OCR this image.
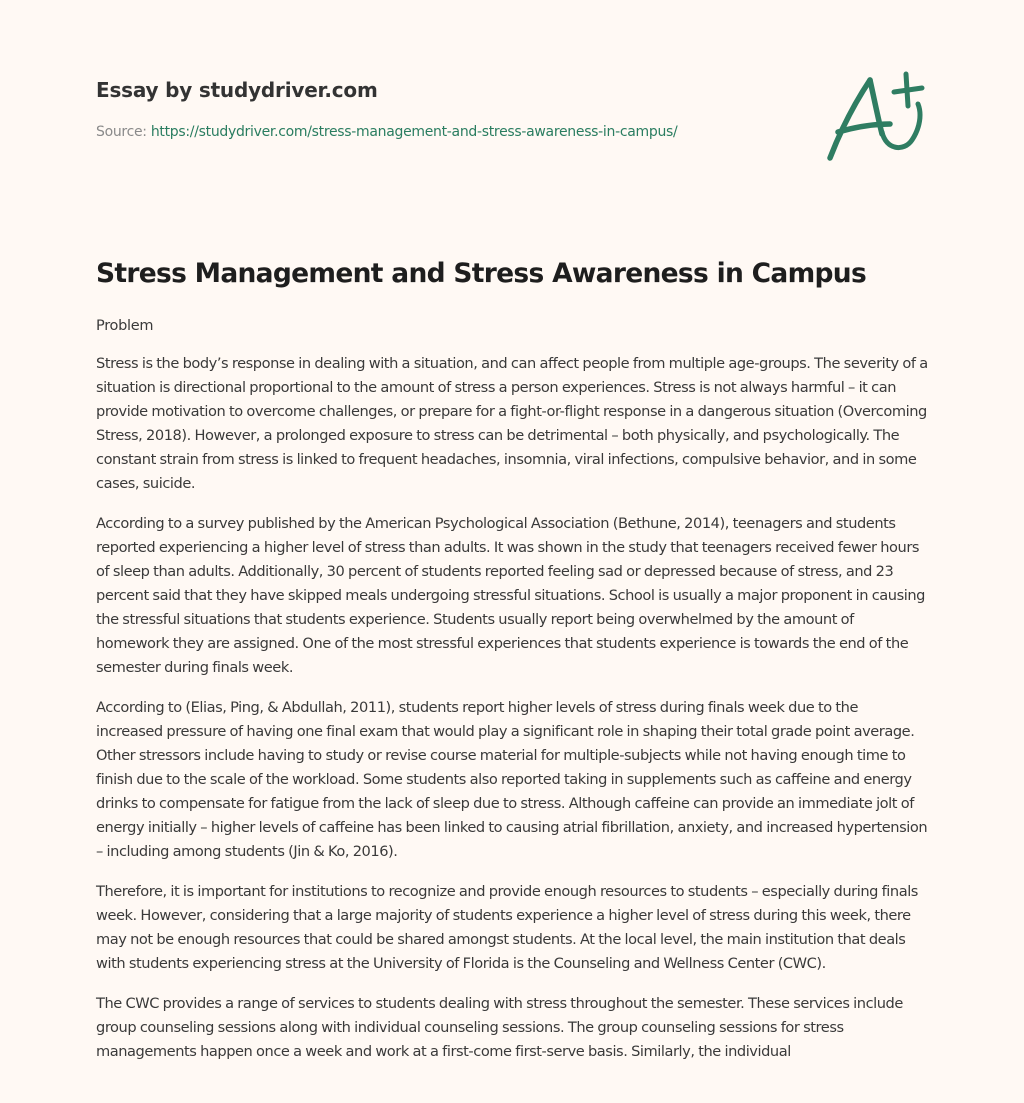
Essay by studydriver.com
Source: https://studydriver.com/stress-management-and-stress-awareness-in-campus/
Stress Management and Stress Awareness in Campus

Problem

Stress is the body’s response in dealing with a situation, and can affect people from multiple age-groups. The severity of a situation is directional proportional to the amount of stress a person experiences. Stress is not always harmful – it can provide motivation to overcome challenges, or prepare for a fight-or-flight response in a dangerous situation (Overcoming Stress, 2018). However, a prolonged exposure to stress can be detrimental – both physically, and psychologically. The constant strain from stress is linked to frequent headaches, insomnia, viral infections, compulsive behavior, and in some cases, suicide.

According to a survey published by the American Psychological Association (Bethune, 2014), teenagers and students reported experiencing a higher level of stress than adults. It was shown in the study that teenagers received fewer hours of sleep than adults. Additionally, 30 percent of students reported feeling sad or depressed because of stress, and 23 percent said that they have skipped meals undergoing stressful situations. School is usually a major proponent in causing the stressful situations that students experience. Students usually report being overwhelmed by the amount of homework they are assigned. One of the most stressful experiences that students experience is towards the end of the semester during finals week.

According to (Elias, Ping, & Abdullah, 2011), students report higher levels of stress during finals week due to the increased pressure of having one final exam that would play a significant role in shaping their total grade point average. Other stressors include having to study or revise course material for multiple-subjects while not having enough time to finish due to the scale of the workload. Some students also reported taking in supplements such as caffeine and energy drinks to compensate for fatigue from the lack of sleep due to stress. Although caffeine can provide an immediate jolt of energy initially – higher levels of caffeine has been linked to causing atrial fibrillation, anxiety, and increased hypertension – including among students (Jin & Ko, 2016).

Therefore, it is important for institutions to recognize and provide enough resources to students – especially during finals week. However, considering that a large majority of students experience a higher level of stress during this week, there may not be enough resources that could be shared amongst students. At the local level, the main institution that deals with students experiencing stress at the University of Florida is the Counseling and Wellness Center (CWC).

The CWC provides a range of services to students dealing with stress throughout the semester. These services include group counseling sessions along with individual counseling sessions. The group counseling sessions for stress managements happen once a week and work at a first-come first-serve basis. Similarly, the individual
